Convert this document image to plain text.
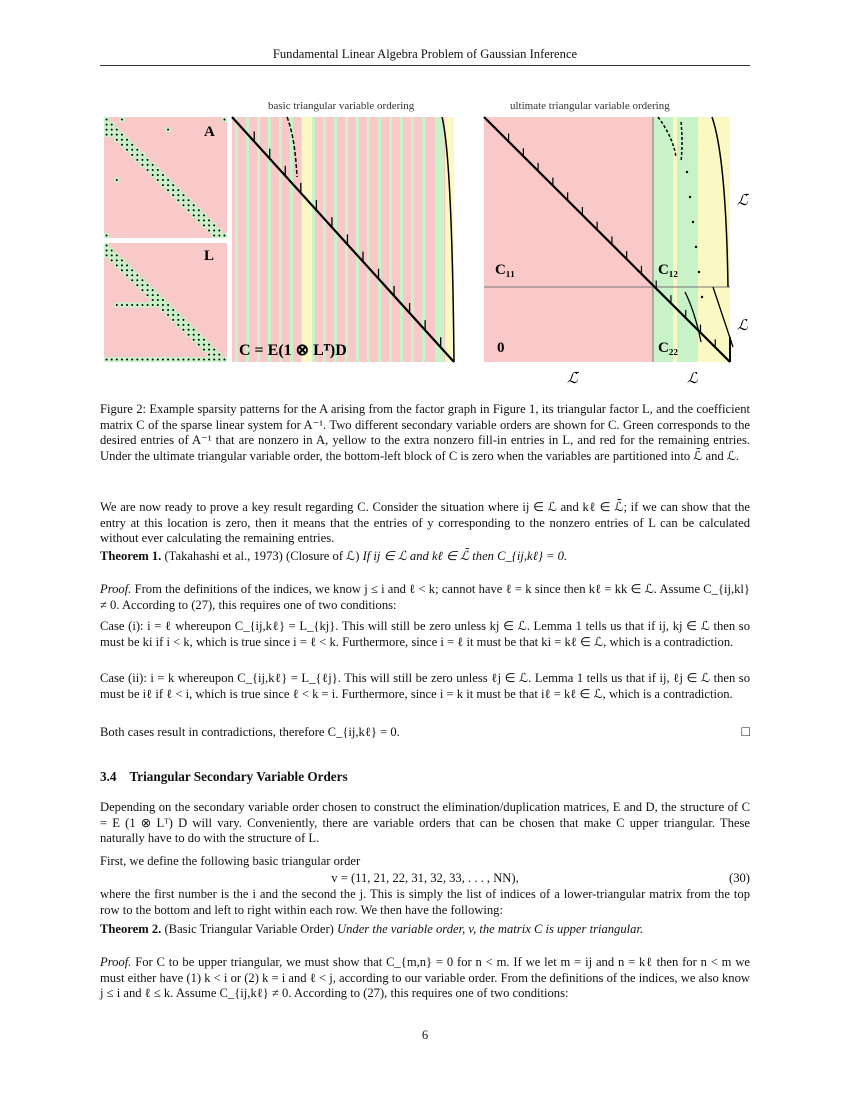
Fundamental Linear Algebra Problem of Gaussian Inference
basic triangular variable ordering	ultimate triangular variable ordering
A
L
C = E(1 ⊗ Lᵀ)D
C₁₁	C₁₂
0	C₂₂
ℒ̄
ℒ
ℒ̄	ℒ
Figure 2: Example sparsity patterns for the A arising from the factor graph in Figure 1, its triangular factor L, and the coefficient matrix C of the sparse linear system for A⁻¹. Two different secondary variable orders are shown for C. Green corresponds to the desired entries of A⁻¹ that are nonzero in A, yellow to the extra nonzero fill-in entries in L, and red for the remaining entries. Under the ultimate triangular variable order, the bottom-left block of C is zero when the variables are partitioned into ℒ̄ and ℒ.
We are now ready to prove a key result regarding C. Consider the situation where ij ∈ ℒ and kℓ ∈ ℒ̄; if we can show that the entry at this location is zero, then it means that the entries of y corresponding to the nonzero entries of L can be calculated without ever calculating the remaining entries.
Theorem 1. (Takahashi et al., 1973) (Closure of ℒ) If ij ∈ ℒ and kℓ ∈ ℒ̄ then C_{ij,kℓ} = 0.
Proof. From the definitions of the indices, we know j ≤ i and ℓ < k; cannot have ℓ = k since then kℓ = kk ∈ ℒ. Assume C_{ij,kl} ≠ 0. According to (27), this requires one of two conditions:
Case (i): i = ℓ whereupon C_{ij,kℓ} = L_{kj}. This will still be zero unless kj ∈ ℒ. Lemma 1 tells us that if ij, kj ∈ ℒ then so must be ki if i < k, which is true since i = ℓ < k. Furthermore, since i = ℓ it must be that ki = kℓ ∈ ℒ, which is a contradiction.
Case (ii): i = k whereupon C_{ij,kℓ} = L_{ℓj}. This will still be zero unless ℓj ∈ ℒ. Lemma 1 tells us that if ij, ℓj ∈ ℒ then so must be iℓ if ℓ < i, which is true since ℓ < k = i. Furthermore, since i = k it must be that iℓ = kℓ ∈ ℒ, which is a contradiction.
Both cases result in contradictions, therefore C_{ij,kℓ} = 0.	□
3.4 Triangular Secondary Variable Orders
Depending on the secondary variable order chosen to construct the elimination/duplication matrices, E and D, the structure of C = E (1 ⊗ Lᵀ) D will vary. Conveniently, there are variable orders that can be chosen that make C upper triangular. These naturally have to do with the structure of L.
First, we define the following basic triangular order
v = (11, 21, 22, 31, 32, 33, . . . , NN),	(30)
where the first number is the i and the second the j. This is simply the list of indices of a lower-triangular matrix from the top row to the bottom and left to right within each row. We then have the following:
Theorem 2. (Basic Triangular Variable Order) Under the variable order, v, the matrix C is upper triangular.
Proof. For C to be upper triangular, we must show that C_{m,n} = 0 for n < m. If we let m = ij and n = kℓ then for n < m we must either have (1) k < i or (2) k = i and ℓ < j, according to our variable order. From the definitions of the indices, we also know j ≤ i and ℓ ≤ k. Assume C_{ij,kℓ} ≠ 0. According to (27), this requires one of two conditions:
6
